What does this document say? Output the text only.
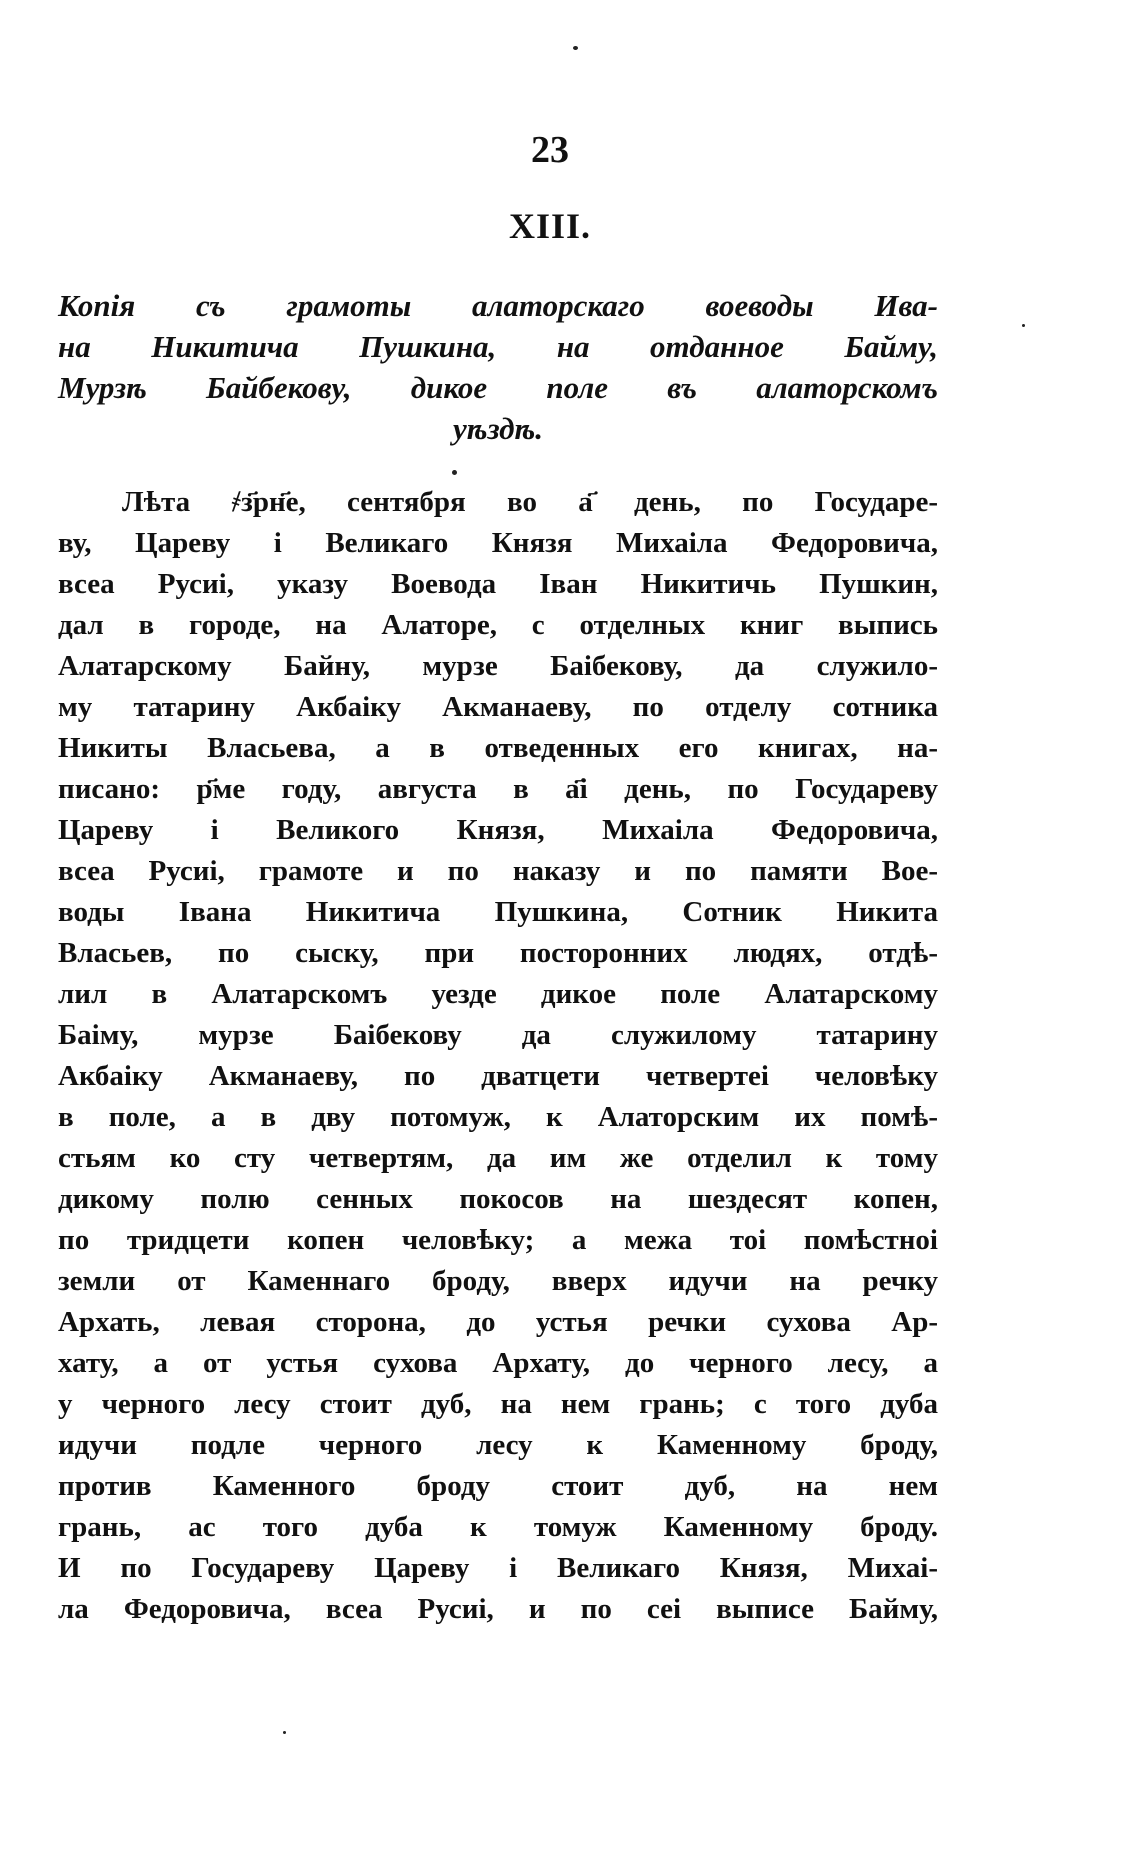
23
XIII.
Копія съ грамоты алаторскаго воеводы Ива-
на Никитича Пушкина, на отданное Байму,
Мурзѣ Байбекову, дикое поле въ алаторскомъ
уѣздѣ.
Лѣта ҂з҃рн҃е, сентября во а҃ день, по Государе-
ву, Цареву і Великаго Князя Михаіла Федоровича,
всеа Русиі, указу Воевода Іван Никитичь Пушкин,
дал в городе, на Алаторе, с отделных книг выпись
Алатарскому Байну, мурзе Баібекову, да служило-
му татарину Акбаіку Акманаеву, по отделу сотника
Никиты Власьева, а в отведенных его книгах, на-
писано: р҃ме году, августа в а҃і день, по Государеву
Цареву і Великого Князя, Михаіла Федоровича,
всеа Русиі, грамоте и по наказу и по памяти Вое-
воды Івана Никитича Пушкина, Сотник Никита
Власьев, по сыску, при посторонних людях, отдѣ-
лил в Алатарскомъ уезде дикое поле Алатарскому
Баіму, мурзе Баібекову да служилому татарину
Акбаіку Акманаеву, по дватцети четвертеі человѣку
в поле, а в дву потомуж, к Алаторским их помѣ-
стьям ко сту четвертям, да им же отделил к тому
дикому полю сенных покосов на шездесят копен,
по тридцети копен человѣку; а межа тоі помѣстноі
земли от Каменнаго броду, вверх идучи на речку
Архать, левая сторона, до устья речки сухова Ар-
хату, а от устья сухова Архату, до черного лесу, а
у черного лесу стоит дуб, на нем грань; с того дуба
идучи подле черного лесу к Каменному броду,
против Каменного броду стоит дуб, на нем
грань, ас того дуба к томуж Каменному броду.
И по Государеву Цареву і Великаго Князя, Михаі-
ла Федоровича, всеа Русиі, и по сеі выписе Байму,
